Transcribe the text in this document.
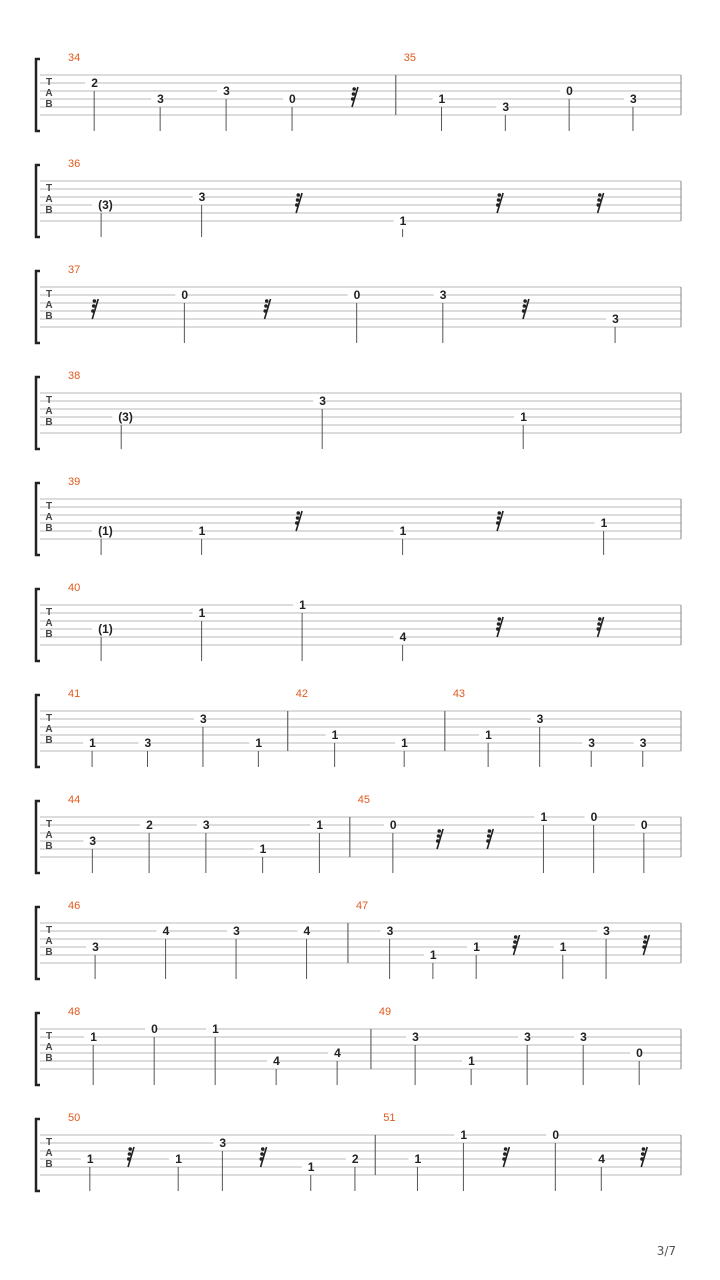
T
A
B
34
2
3
3
0
35
1
3
0
3
T
A
B
36
(3)
3
1
T
A
B
37
0	0	3
3
T
A
B
38
(3)
3
1
T
A
B
39
(1)	1	1
1
T
A
B
40
(1)
1
1
4
T
A
B
41
1	3
3
1
42
1
1
43
1
3
3	3
T
A
B
44
3
2	3
1
1
45
0
1	0
0
T
A
B
46
3
4	3	4
47
3
1
1	1
3
T
A
B
48
1
0	1
4
4
49
3
1
3	3
0
T
A
B
50
1	1
3
1
2
51
1
1	0
4
3/7
